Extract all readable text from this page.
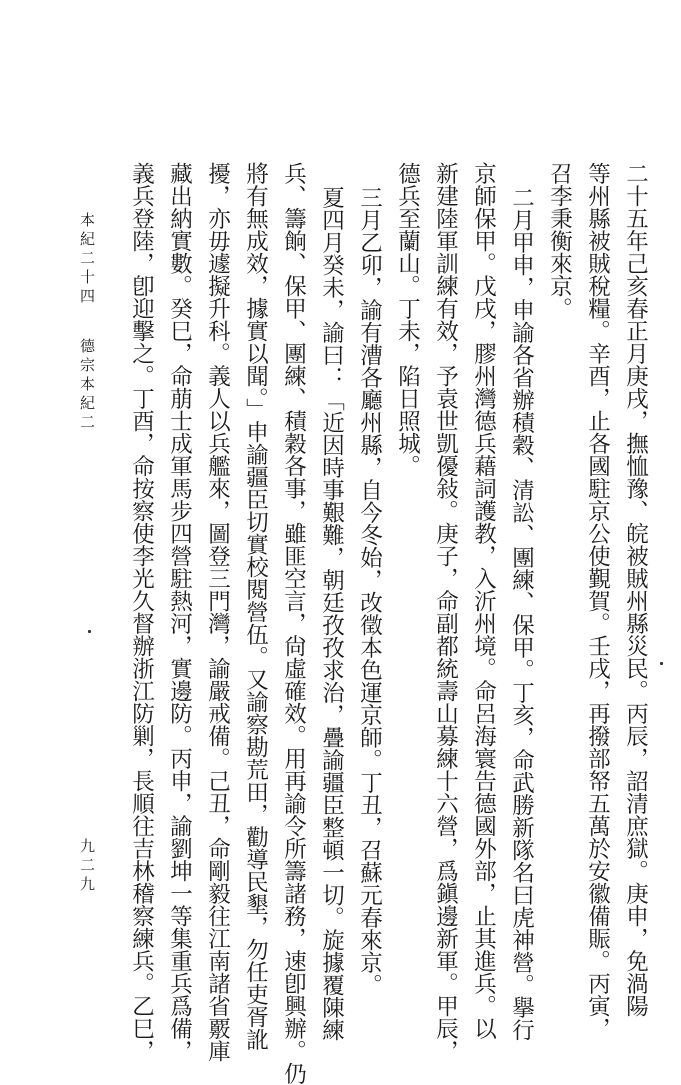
二十五年己亥春正月庚戌，撫恤豫、皖被賊州縣災民。丙辰，詔清庶獄。庚申，免渦陽
等州縣被賊稅糧。辛酉，止各國駐京公使覲賀。壬戌，再撥部帑五萬於安徽備賑。丙寅，
召李秉衡來京。
二月甲申，申諭各省辦積穀、清訟、團練、保甲。丁亥，命武勝新隊名曰虎神營。擧行
京師保甲。戊戌，膠州灣德兵藉詞護教，入沂州境。命呂海寰告德國外部，止其進兵。以
新建陸軍訓練有效，予袁世凱優敍。庚子，命副都統壽山募練十六營，爲鎭邊新軍。甲辰，
德兵至蘭山。丁未，陷日照城。
三月乙卯，諭有漕各廳州縣，自今冬始，改徵本色運京師。丁丑，召蘇元春來京。
夏四月癸未，諭曰：「近因時事艱難，朝廷孜孜求治，疊諭疆臣整頓一切。旋據覆陳練
兵、籌餉、保甲、團練、積穀各事，雖匪空言，尙虛確效。用再諭令所籌諸務，速卽興辦。仍
將有無成效，據實以聞。」申諭疆臣切實校閱營伍。又諭察勘荒田，勸導民墾，勿任吏胥訛
擾，亦毋遽擬升科。義人以兵艦來，圖登三門灣，諭嚴戒備。己丑，命剛毅往江南諸省覈庫
藏出納實數。癸巳，命萠士成軍馬步四營駐熱河，實邊防。丙申，諭劉坤一等集重兵爲備，
義兵登陸，卽迎擊之。丁酉，命按察使李光久督辦浙江防剿，長順往吉林稽察練兵。乙巳，
本紀二十四
德宗本紀二
九二九
